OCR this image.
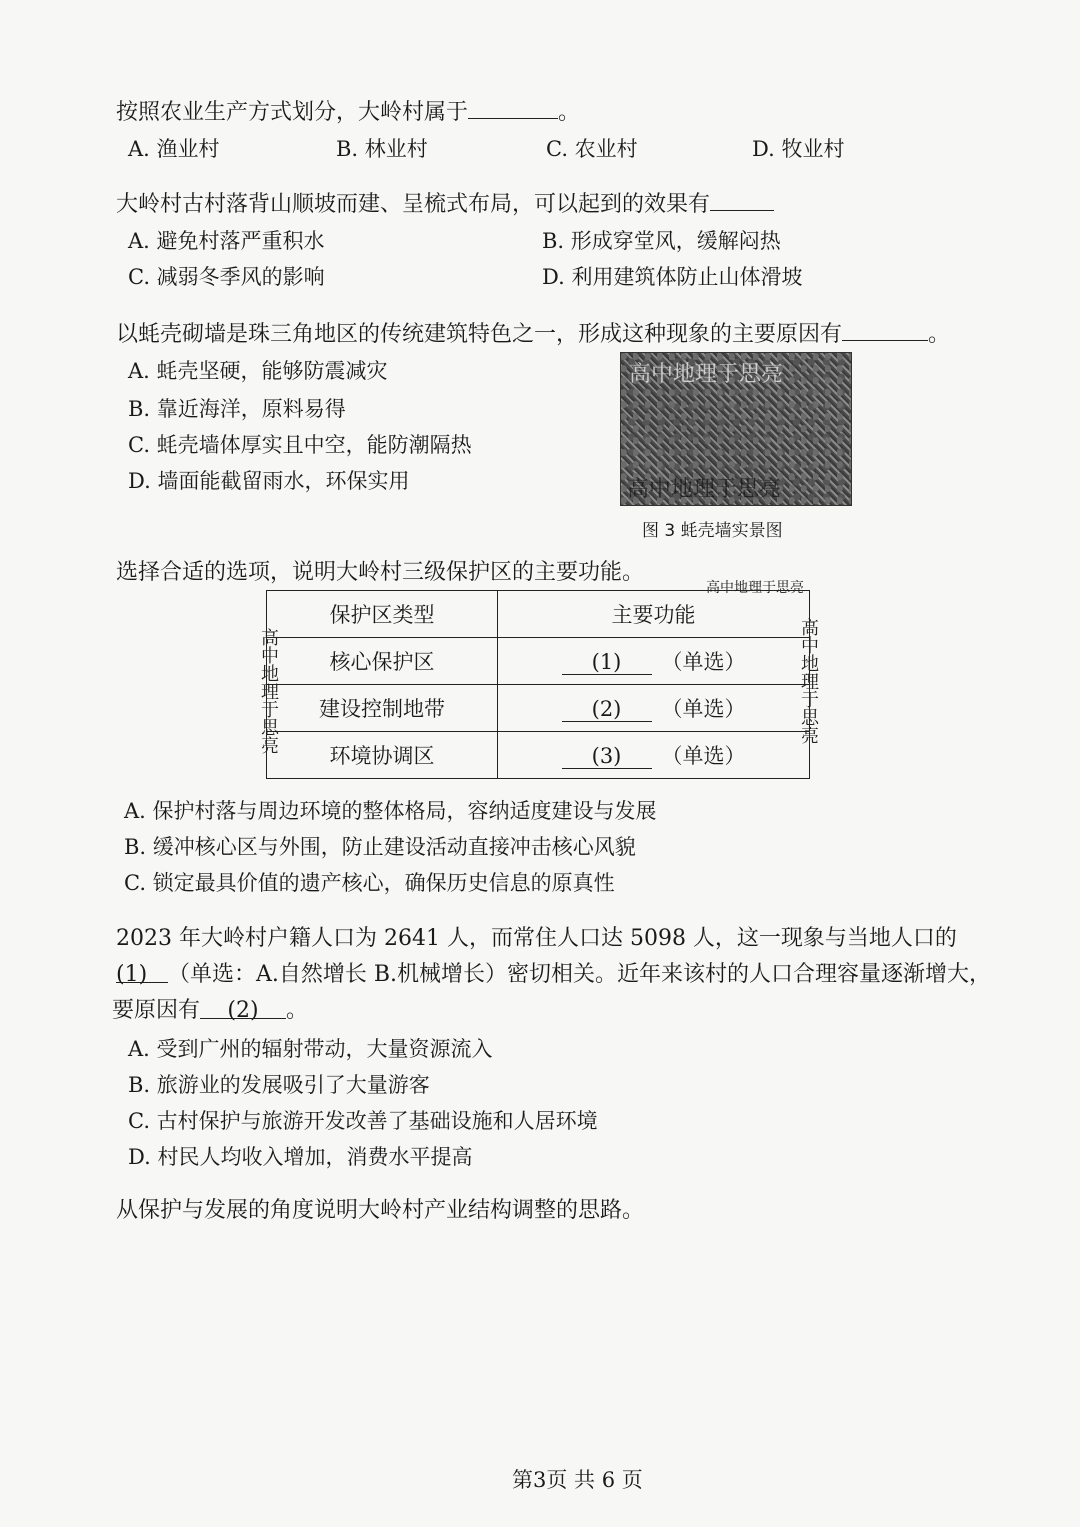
按照农业生产方式划分，大岭村属于	。
A. 渔业村	B. 林业村	C. 农业村	D. 牧业村
大岭村古村落背山顺坡而建、呈梳式布局，可以起到的效果有
A. 避免村落严重积水	B. 形成穿堂风，缓解闷热
C. 减弱冬季风的影响	D. 利用建筑体防止山体滑坡
以蚝壳砌墙是珠三角地区的传统建筑特色之一，形成这种现象的主要原因有	。
A. 蚝壳坚硬，能够防震减灾
B. 靠近海洋，原料易得
C. 蚝壳墙体厚实且中空，能防潮隔热
D. 墙面能截留雨水，环保实用
高中地理于思亮
高中地理于思亮
图 3 蚝壳墙实景图
选择合适的选项，说明大岭村三级保护区的主要功能。
高中地理于思亮
高中地理于思亮	高中地理于思亮
保护区类型	主要功能
核心保护区	(1) （单选）
建设控制地带	(2) （单选）
环境协调区	(3) （单选）
A. 保护村落与周边环境的整体格局，容纳适度建设与发展
B. 缓冲核心区与外围，防止建设活动直接冲击核心风貌
C. 锁定最具价值的遗产核心，确保历史信息的原真性
2023 年大岭村户籍人口为 2641 人，而常住人口达 5098 人，这一现象与当地人口的
(1) （单选：A.自然增长 B.机械增长）密切相关。近年来该村的人口合理容量逐渐增大，
要原因有 (2) 。
A. 受到广州的辐射带动，大量资源流入
B. 旅游业的发展吸引了大量游客
C. 古村保护与旅游开发改善了基础设施和人居环境
D. 村民人均收入增加，消费水平提高
从保护与发展的角度说明大岭村产业结构调整的思路。
第3页 共 6 页
